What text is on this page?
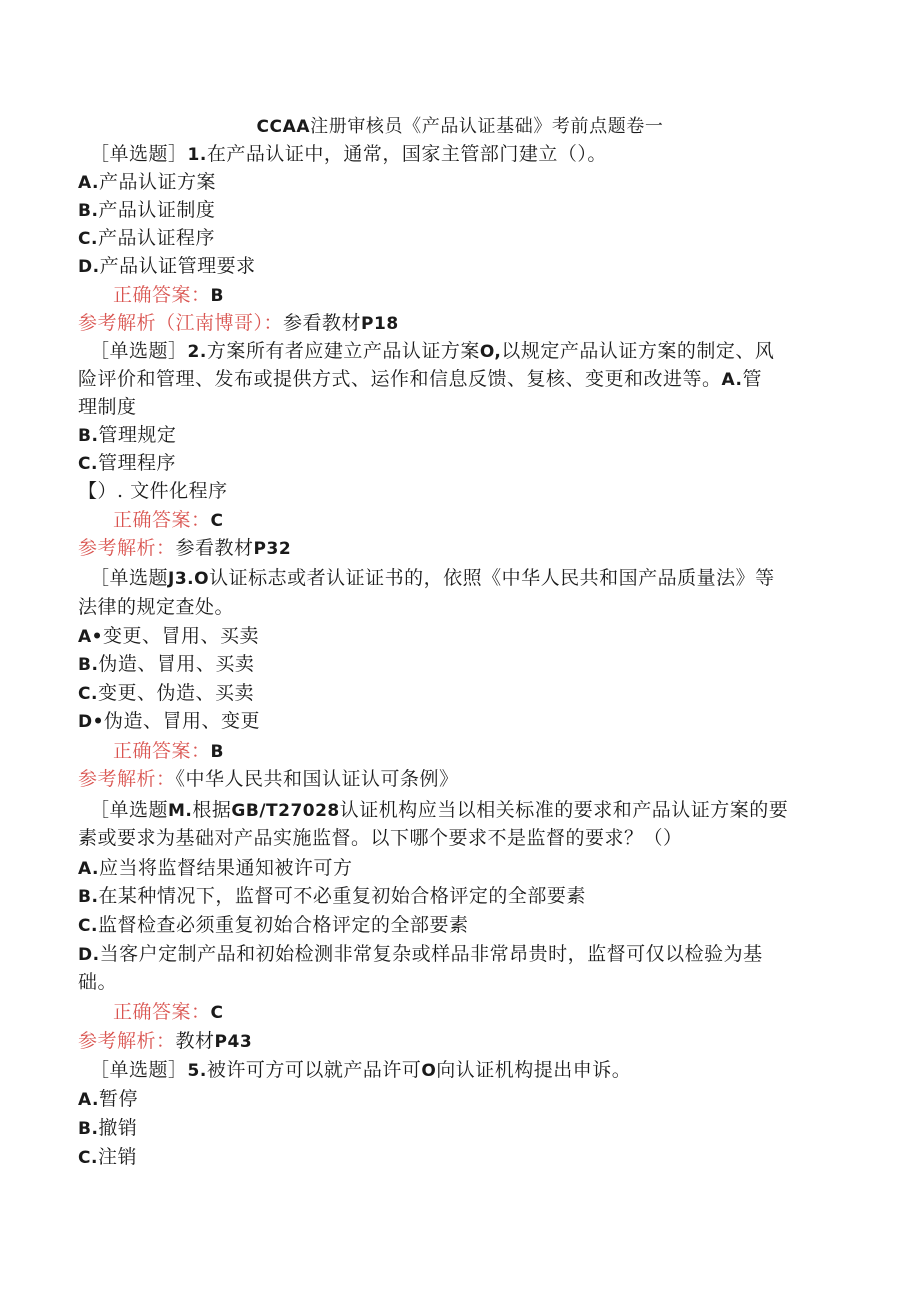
CCAA注册审核员《产品认证基础》考前点题卷一
［单选题］1.在产品认证中，通常，国家主管部门建立（）。
A.产品认证方案
B.产品认证制度
C.产品认证程序
D.产品认证管理要求
正确答案：B
参考解析（江南博哥）：参看教材P18
［单选题］2.方案所有者应建立产品认证方案O,以规定产品认证方案的制定、风
险评价和管理、发布或提供方式、运作和信息反馈、复核、变更和改进等。A.管
理制度
B.管理规定
C.管理程序
【）. 文件化程序
正确答案：C
参考解析：参看教材P32
［单选题J3.O认证标志或者认证证书的，依照《中华人民共和国产品质量法》等
法律的规定查处。
A•变更、冒用、买卖
B.伪造、冒用、买卖
C.变更、伪造、买卖
D•伪造、冒用、变更
正确答案：B
参考解析：《中华人民共和国认证认可条例》
［单选题M.根据GB/T27028认证机构应当以相关标准的要求和产品认证方案的要
素或要求为基础对产品实施监督。以下哪个要求不是监督的要求？（）
A.应当将监督结果通知被许可方
B.在某种情况下，监督可不必重复初始合格评定的全部要素
C.监督检查必须重复初始合格评定的全部要素
D.当客户定制产品和初始检测非常复杂或样品非常昂贵时，监督可仅以检验为基
础。
正确答案：C
参考解析：教材P43
［单选题］5.被许可方可以就产品许可O向认证机构提出申诉。
A.暂停
B.撤销
C.注销
